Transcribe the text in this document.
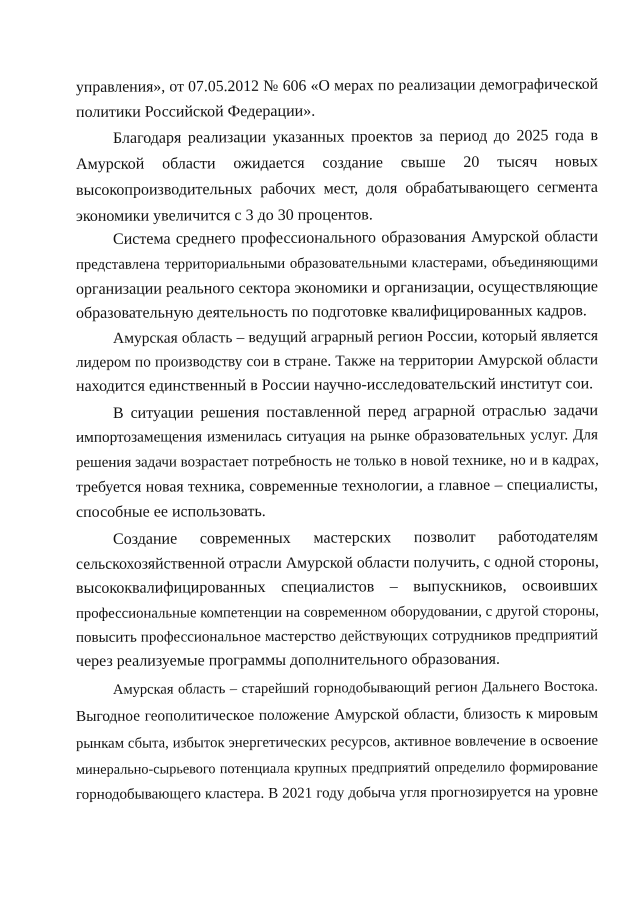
управления», от 07.05.2012 № 606 «О мерах по реализации демографической
политики Российской Федерации».
Благодаря реализации указанных проектов за период до 2025 года в
Амурской области ожидается создание свыше 20 тысяч новых
высокопроизводительных рабочих мест, доля обрабатывающего сегмента
экономики увеличится с 3 до 30 процентов.
Система среднего профессионального образования Амурской области
представлена территориальными образовательными кластерами, объединяющими
организации реального сектора экономики и организации, осуществляющие
образовательную деятельность по подготовке квалифицированных кадров.
Амурская область – ведущий аграрный регион России, который является
лидером по производству сои в стране. Также на территории Амурской области
находится единственный в России научно-исследовательский институт сои.
В ситуации решения поставленной перед аграрной отраслью задачи
импортозамещения изменилась ситуация на рынке образовательных услуг. Для
решения задачи возрастает потребность не только в новой технике, но и в кадрах,
требуется новая техника, современные технологии, а главное – специалисты,
способные ее использовать.
Создание современных мастерских позволит работодателям
сельскохозяйственной отрасли Амурской области получить, с одной стороны,
высококвалифицированных специалистов – выпускников, освоивших
профессиональные компетенции на современном оборудовании, с другой стороны,
повысить профессиональное мастерство действующих сотрудников предприятий
через реализуемые программы дополнительного образования.
Амурская область – старейший горнодобывающий регион Дальнего Востока.
Выгодное геополитическое положение Амурской области, близость к мировым
рынкам сбыта, избыток энергетических ресурсов, активное вовлечение в освоение
минерально-сырьевого потенциала крупных предприятий определило формирование
горнодобывающего кластера. В 2021 году добыча угля прогнозируется на уровне
